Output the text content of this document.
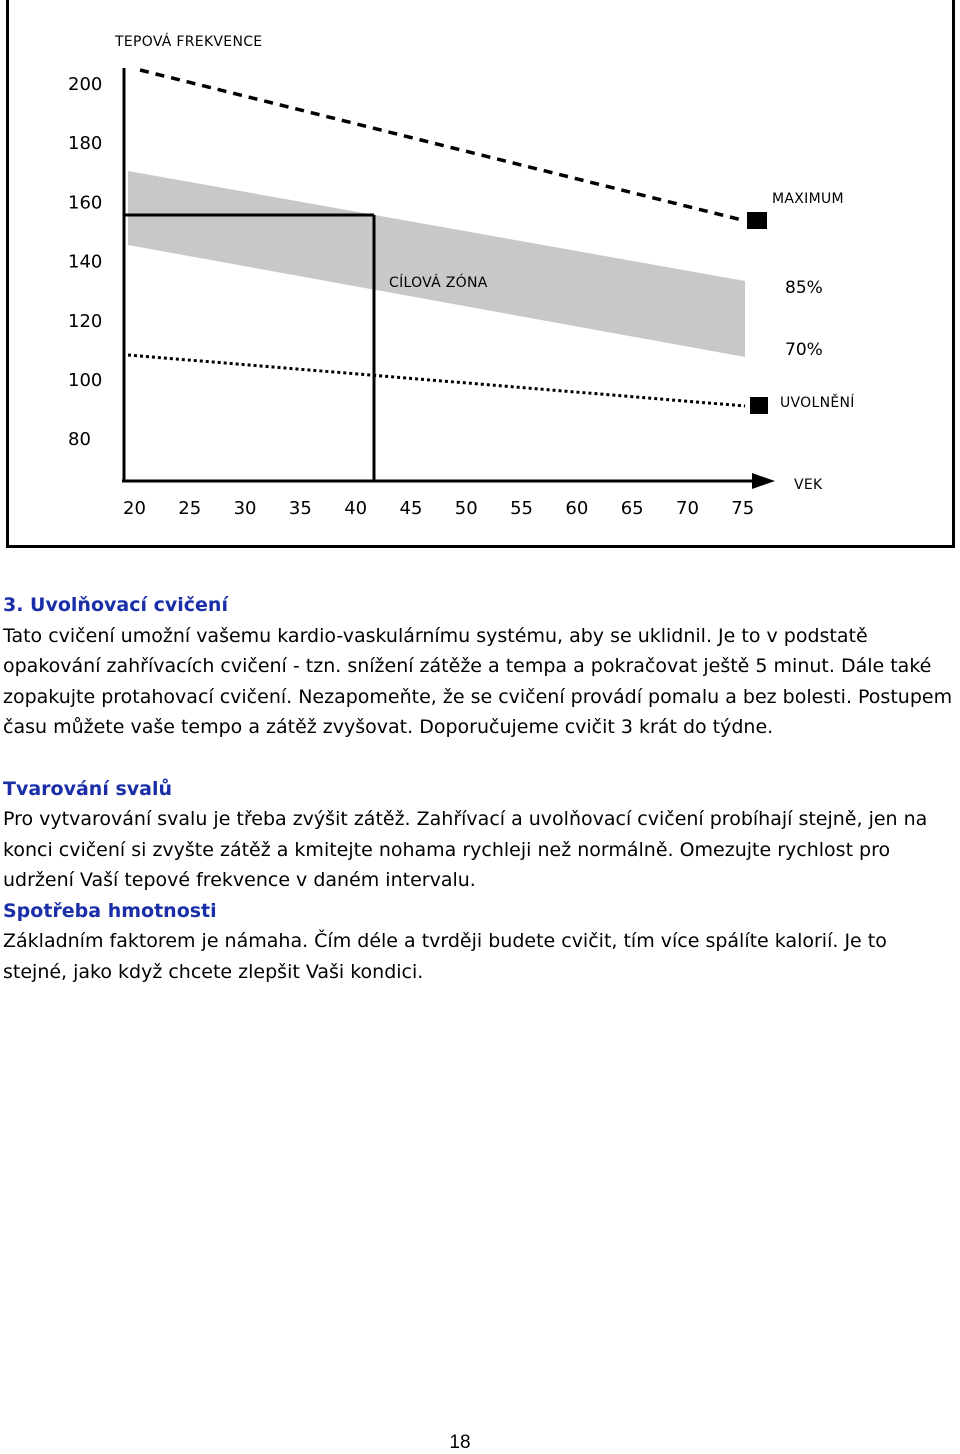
200
180
160
140
120
100
80
20 25 30 35 40 45 50 55 60 65 70 75
TEPOVÁ FREKVENCE
MAXIMUM
CÍLOVÁ ZÓNA	85%
70%
UVOLNĚNÍ
VEK

3. Uvolňovací cvičení

Tato cvičení umožní vašemu kardio-vaskulárnímu systému, aby se uklidnil. Je to v podstatě opakování zahřívacích cvičení - tzn. snížení zátěže a tempa a pokračovat ještě 5 minut. Dále také zopakujte protahovací cvičení. Nezapomeňte, že se cvičení provádí pomalu a bez bolesti. Postupem času můžete vaše tempo a zátěž zvyšovat. Doporučujeme cvičit 3 krát do týdne.

Tvarování svalů

Pro vytvarování svalu je třeba zvýšit zátěž. Zahřívací a uvolňovací cvičení probíhají stejně, jen na konci cvičení si zvyšte zátěž a kmitejte nohama rychleji než normálně. Omezujte rychlost pro udržení Vaší tepové frekvence v daném intervalu.

Spotřeba hmotnosti

Základním faktorem je námaha. Čím déle a tvrději budete cvičit, tím více spálíte kalorií. Je to stejné, jako když chcete zlepšit Vaši kondici.

18
